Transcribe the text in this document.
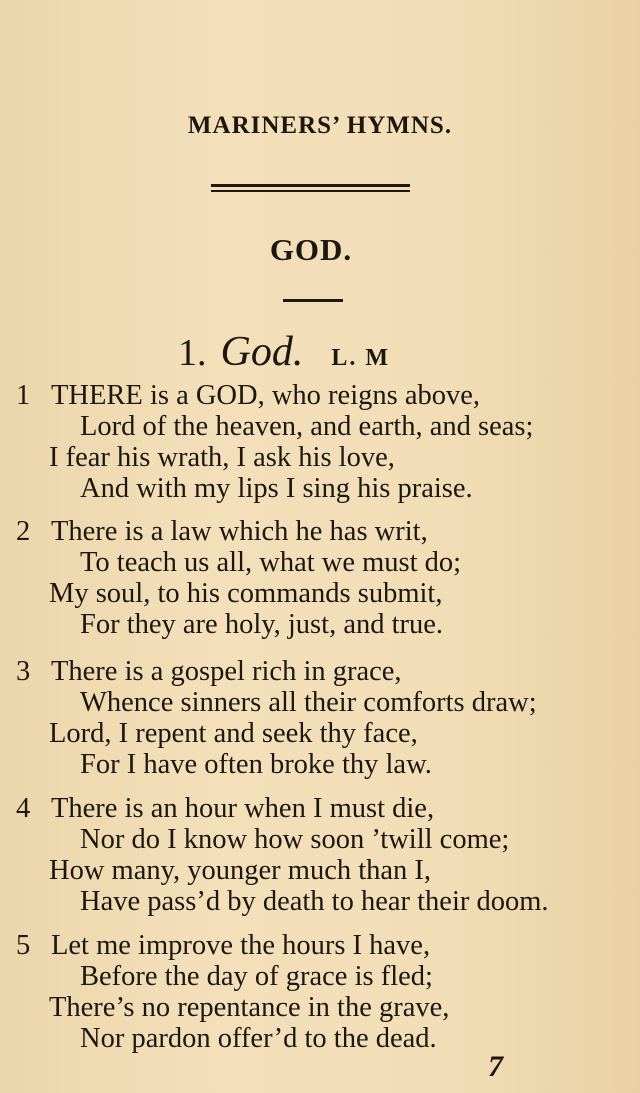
MARINERS’ HYMNS.
GOD.
1. God. L. M
1 THERE is a GOD, who reigns above,
Lord of the heaven, and earth, and seas;
I fear his wrath, I ask his love,
And with my lips I sing his praise.
2 There is a law which he has writ,
To teach us all, what we must do;
My soul, to his commands submit,
For they are holy, just, and true.
3 There is a gospel rich in grace,
Whence sinners all their comforts draw;
Lord, I repent and seek thy face,
For I have often broke thy law.
4 There is an hour when I must die,
Nor do I know how soon ’twill come;
How many, younger much than I,
Have pass’d by death to hear their doom.
5 Let me improve the hours I have,
Before the day of grace is fled;
There’s no repentance in the grave,
Nor pardon offer’d to the dead.
7
